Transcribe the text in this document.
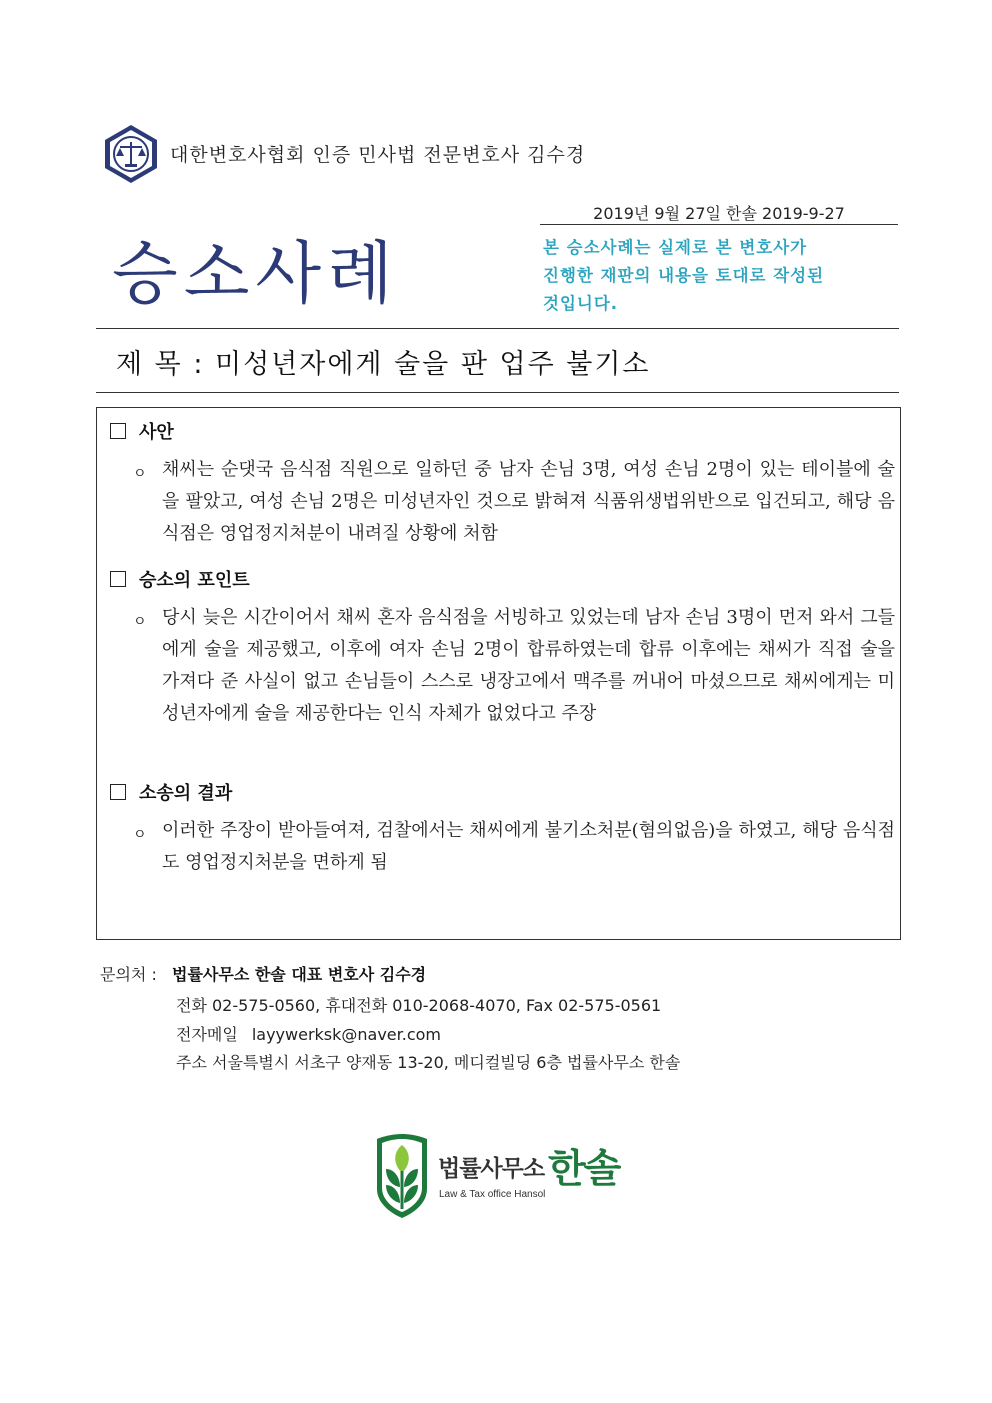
대한변호사협회 인증 민사법 전문변호사 김수경
2019년 9월 27일 한솔 2019-9-27
승소사례	본 승소사례는 실제로 본 변호사가
진행한 재판의 내용을 토대로 작성된
것입니다.
제 목 : 미성년자에게 술을 판 업주 불기소
사안
ㅇ 채씨는 순댓국 음식점 직원으로 일하던 중 남자 손님 3명, 여성 손님 2명이 있는 테이블에 술을 팔았고, 여성 손님 2명은 미성년자인 것으로 밝혀져 식품위생법위반으로 입건되고, 해당 음식점은 영업정지처분이 내려질 상황에 처함
승소의 포인트
ㅇ 당시 늦은 시간이어서 채씨 혼자 음식점을 서빙하고 있었는데 남자 손님 3명이 먼저 와서 그들에게 술을 제공했고, 이후에 여자 손님 2명이 합류하였는데 합류 이후에는 채씨가 직접 술을 가져다 준 사실이 없고 손님들이 스스로 냉장고에서 맥주를 꺼내어 마셨으므로 채씨에게는 미성년자에게 술을 제공한다는 인식 자체가 없었다고 주장
소송의 결과
ㅇ 이러한 주장이 받아들여져, 검찰에서는 채씨에게 불기소처분(혐의없음)을 하였고, 해당 음식점도 영업정지처분을 면하게 됨
문의처 : 법률사무소 한솔 대표 변호사 김수경
전화 02-575-0560, 휴대전화 010-2068-4070, Fax 02-575-0561
전자메일 layywerksk@naver.com
주소 서울특별시 서초구 양재동 13-20, 메디컬빌딩 6층 법률사무소 한솔
법률사무소 한솔
Law & Tax office Hansol
